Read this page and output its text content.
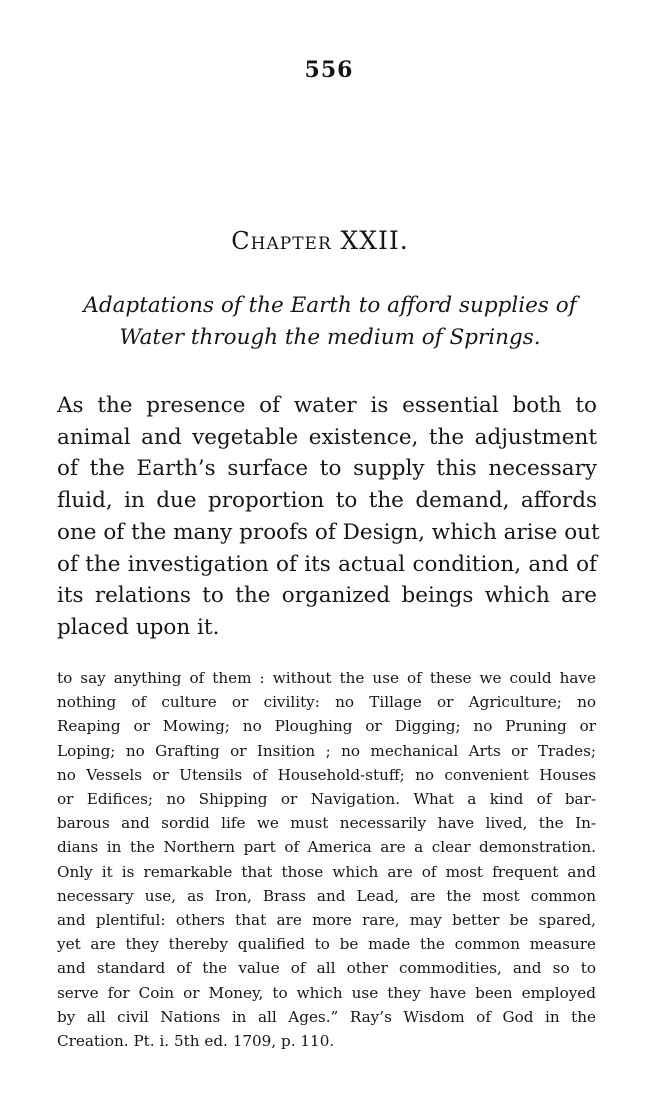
556
Chapter XXII.
Adaptations of the Earth to afford supplies of
Water through the medium of Springs.
As the presence of water is essential both to
animal and vegetable existence, the adjustment
of the Earth’s surface to supply this necessary
fluid, in due proportion to the demand, affords
one of the many proofs of Design, which arise out
of the investigation of its actual condition, and of
its relations to the organized beings which are
placed upon it.
to say anything of them : without the use of these we could have
nothing of culture or civility: no Tillage or Agriculture; no
Reaping or Mowing; no Ploughing or Digging; no Pruning or
Loping; no Grafting or Insition ; no mechanical Arts or Trades;
no Vessels or Utensils of Household-stuff; no convenient Houses
or Edifices; no Shipping or Navigation. What a kind of bar-
barous and sordid life we must necessarily have lived, the In-
dians in the Northern part of America are a clear demonstration.
Only it is remarkable that those which are of most frequent and
necessary use, as Iron, Brass and Lead, are the most common
and plentiful: others that are more rare, may better be spared,
yet are they thereby qualified to be made the common measure
and standard of the value of all other commodities, and so to
serve for Coin or Money, to which use they have been employed
by all civil Nations in all Ages.” Ray’s Wisdom of God in the
Creation. Pt. i. 5th ed. 1709, p. 110.
